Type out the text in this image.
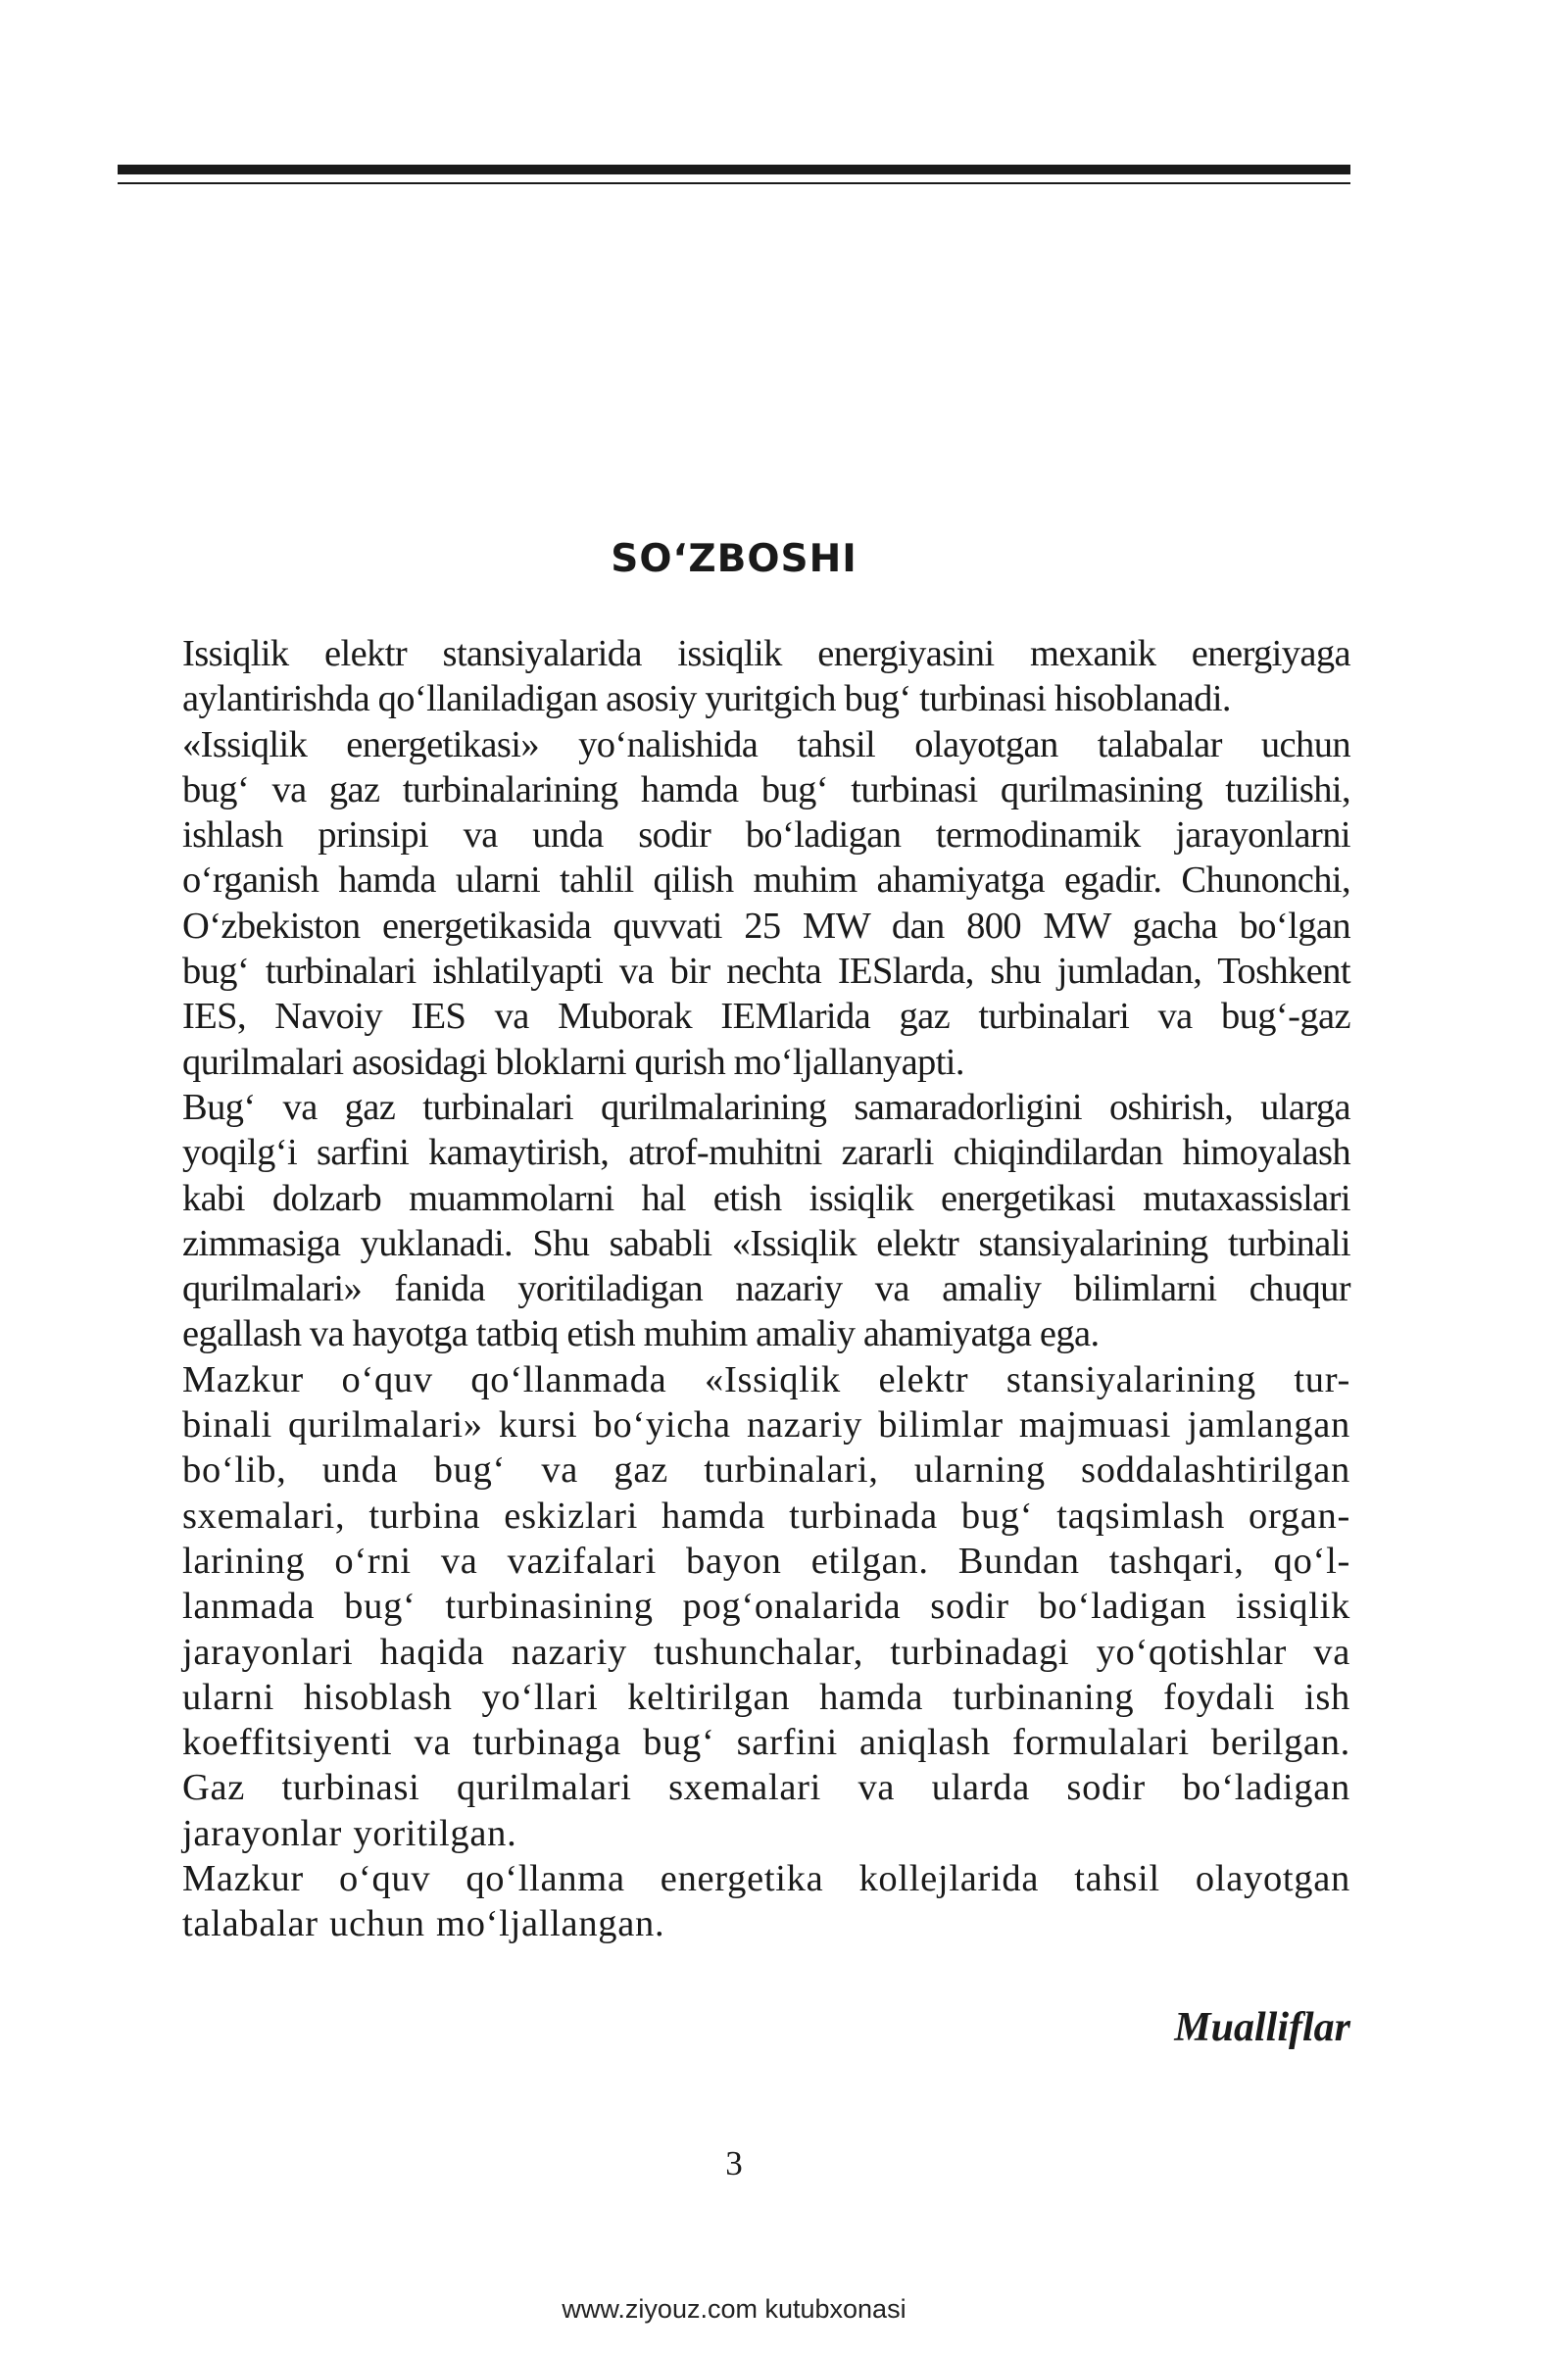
SO‘ZBOSHI

Issiqlik elektr stansiyalarida issiqlik energiyasini mexanik energiyaga
aylantirishda qo‘llaniladigan asosiy yuritgich bug‘ turbinasi hisoblanadi.

«Issiqlik energetikasi» yo‘nalishida tahsil olayotgan talabalar uchun
bug‘ va gaz turbinalarining hamda bug‘ turbinasi qurilmasining tuzilishi,
ishlash prinsipi va unda sodir bo‘ladigan termodinamik jarayonlarni
o‘rganish hamda ularni tahlil qilish muhim ahamiyatga egadir. Chunonchi,
O‘zbekiston energetikasida quvvati 25 MW dan 800 MW gacha bo‘lgan
bug‘ turbinalari ishlatilyapti va bir nechta IESlarda, shu jumladan, Toshkent
IES, Navoiy IES va Muborak IEMlarida gaz turbinalari va bug‘-gaz
qurilmalari asosidagi bloklarni qurish mo‘ljallanyapti.

Bug‘ va gaz turbinalari qurilmalarining samaradorligini oshirish, ularga
yoqilg‘i sarfini kamaytirish, atrof-muhitni zararli chiqindilardan himoyalash
kabi dolzarb muammolarni hal etish issiqlik energetikasi mutaxassislari
zimmasiga yuklanadi. Shu sababli «Issiqlik elektr stansiyalarining turbinali
qurilmalari» fanida yoritiladigan nazariy va amaliy bilimlarni chuqur
egallash va hayotga tatbiq etish muhim amaliy ahamiyatga ega.

Mazkur o‘quv qo‘llanmada «Issiqlik elektr stansiyalarining tur-
binali qurilmalari» kursi bo‘yicha nazariy bilimlar majmuasi jamlangan
bo‘lib, unda bug‘ va gaz turbinalari, ularning soddalashtirilgan
sxemalari, turbina eskizlari hamda turbinada bug‘ taqsimlash organ-
larining o‘rni va vazifalari bayon etilgan. Bundan tashqari, qo‘l-
lanmada bug‘ turbinasining pog‘onalarida sodir bo‘ladigan issiqlik
jarayonlari haqida nazariy tushunchalar, turbinadagi yo‘qotishlar va
ularni hisoblash yo‘llari keltirilgan hamda turbinaning foydali ish
koeffitsiyenti va turbinaga bug‘ sarfini aniqlash formulalari berilgan.
Gaz turbinasi qurilmalari sxemalari va ularda sodir bo‘ladigan
jarayonlar yoritilgan.

Mazkur o‘quv qo‘llanma energetika kollejlarida tahsil olayotgan
talabalar uchun mo‘ljallangan.

Mualliflar
3
www.ziyouz.com kutubxonasi
